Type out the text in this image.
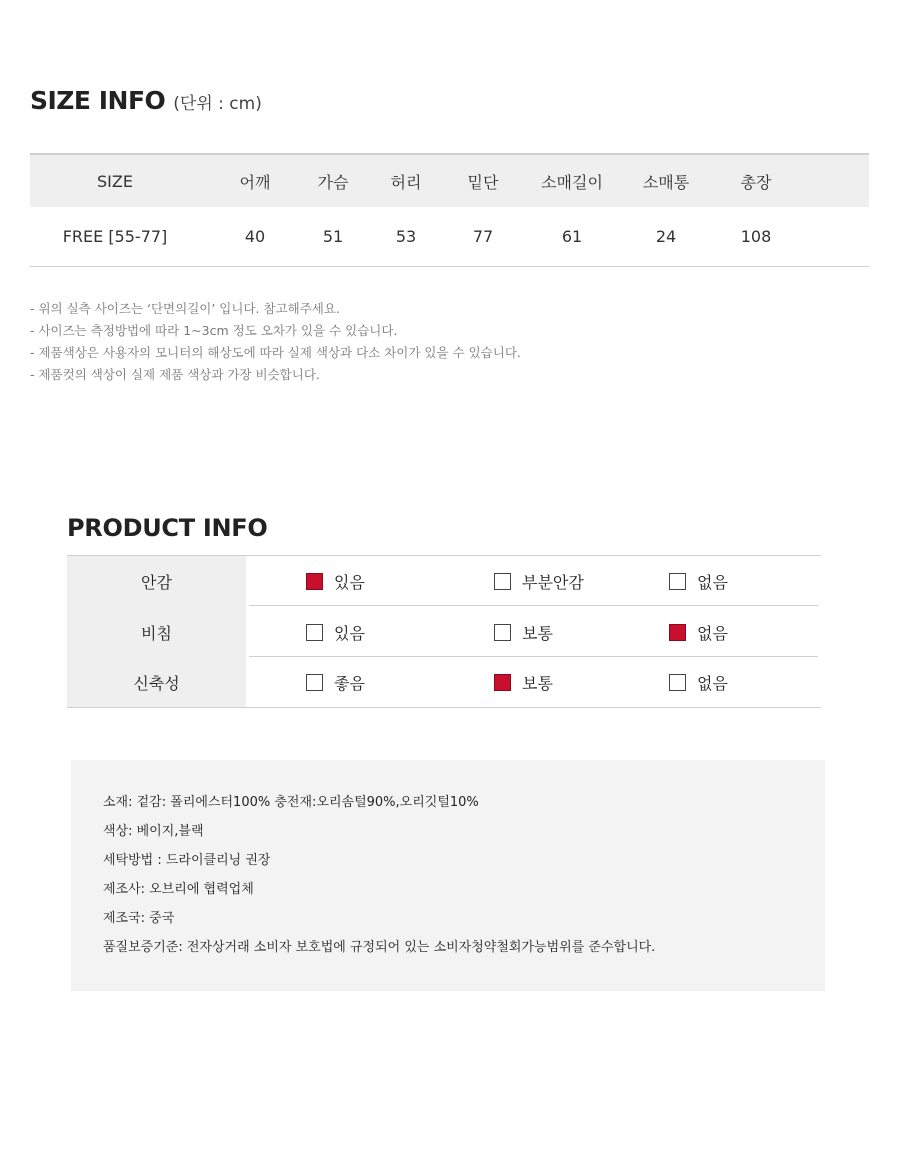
SIZE INFO (단위 : cm)
SIZE	어깨	가슴	허리	밑단	소매길이	소매통	총장
FREE [55-77]	40	51	53	77	61	24	108
- 위의 실측 사이즈는 ‘단면의길이’ 입니다. 참고해주세요.
- 사이즈는 측정방법에 따라 1~3cm 정도 오차가 있을 수 있습니다.
- 제품색상은 사용자의 모니터의 해상도에 따라 실제 색상과 다소 차이가 있을 수 있습니다.
- 제품컷의 색상이 실제 제품 색상과 가장 비슷합니다.
PRODUCT INFO
안감	있음	부분안감	없음
비침	있음	보통	없음
신축성	좋음	보통	없음
소재: 겉감: 폴리에스터100% 충전재:오리솜털90%,오리깃털10%
색상: 베이지,블랙
세탁방법 : 드라이클리닝 권장
제조사: 오브리에 협력업체
제조국: 중국
품질보증기준: 전자상거래 소비자 보호법에 규정되어 있는 소비자청약철회가능범위를 준수합니다.
